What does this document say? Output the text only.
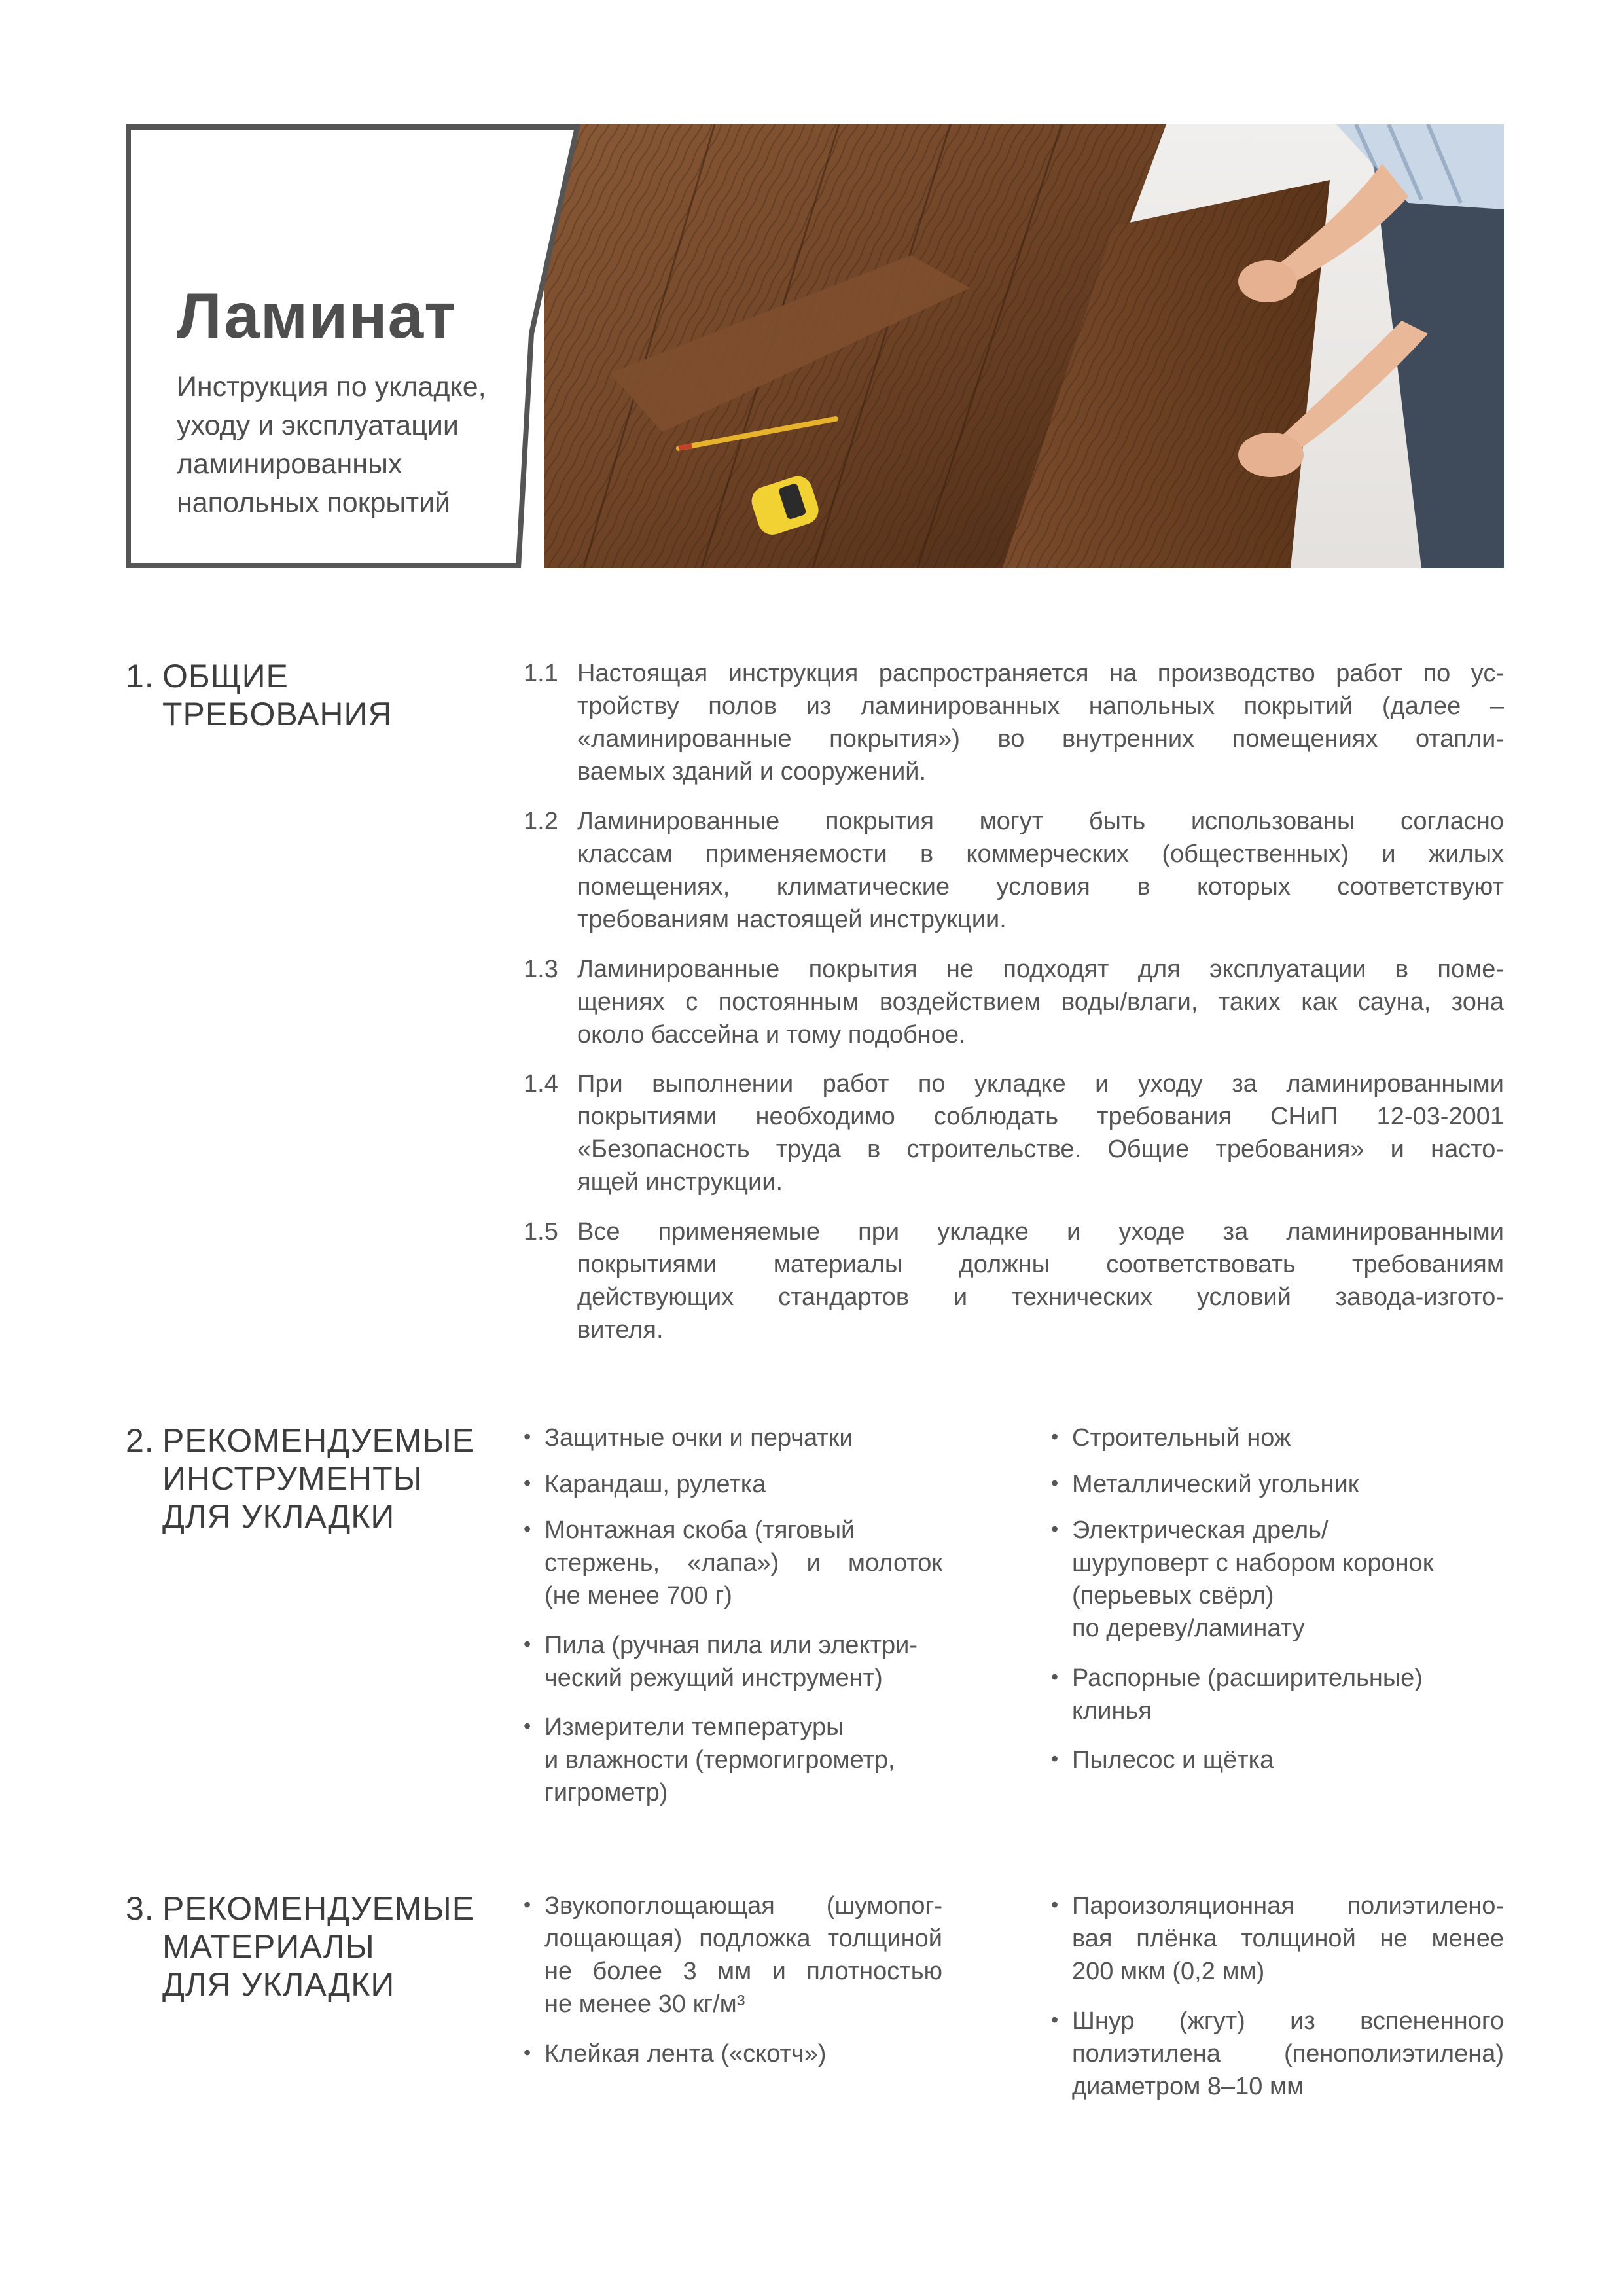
Ламинат
Инструкция по укладке,
уходу и эксплуатации
ламинированных
напольных покрытий
1. ОБЩИЕ
ТРЕБОВАНИЯ
1.1 Настоящая инструкция распространяется на производство работ по ус-
тройству полов из ламинированных напольных покрытий (далее –
«ламинированные покрытия») во внутренних помещениях отапли-
ваемых зданий и сооружений.
1.2 Ламинированные покрытия могут быть использованы согласно
классам применяемости в коммерческих (общественных) и жилых
помещениях, климатические условия в которых соответствуют
требованиям настоящей инструкции.
1.3 Ламинированные покрытия не подходят для эксплуатации в поме-
щениях с постоянным воздействием воды/влаги, таких как сауна, зона
около бассейна и тому подобное.
1.4 При выполнении работ по укладке и уходу за ламинированными
покрытиями необходимо соблюдать требования СНиП 12-03-2001
«Безопасность труда в строительстве. Общие требования» и насто-
ящей инструкции.
1.5 Все применяемые при укладке и уходе за ламинированными
покрытиями материалы должны соответствовать требованиям
действующих стандартов и технических условий завода-изгото-
вителя.
2. РЕКОМЕНДУЕМЫЕ
ИНСТРУМЕНТЫ
ДЛЯ УКЛАДКИ
• Защитные очки и перчатки
• Карандаш, рулетка
• Монтажная скоба (тяговый
стержень, «лапа») и молоток
(не менее 700 г)
• Пила (ручная пила или электри-
ческий режущий инструмент)
• Измерители температуры
и влажности (термогигрометр,
гигрометр)
• Строительный нож
• Металлический угольник
• Электрическая дрель/
шуруповерт с набором коронок
(перьевых свёрл)
по дереву/ламинату
• Распорные (расширительные)
клинья
• Пылесос и щётка
3. РЕКОМЕНДУЕМЫЕ
МАТЕРИАЛЫ
ДЛЯ УКЛАДКИ
• Звукопоглощающая (шумопог-
лощающая) подложка толщиной
не более 3 мм и плотностью
не менее 30 кг/м³
• Клейкая лента («скотч»)
• Пароизоляционная полиэтилено-
вая плёнка толщиной не менее
200 мкм (0,2 мм)
• Шнур (жгут) из вспененного
полиэтилена (пенополиэтилена)
диаметром 8–10 мм
